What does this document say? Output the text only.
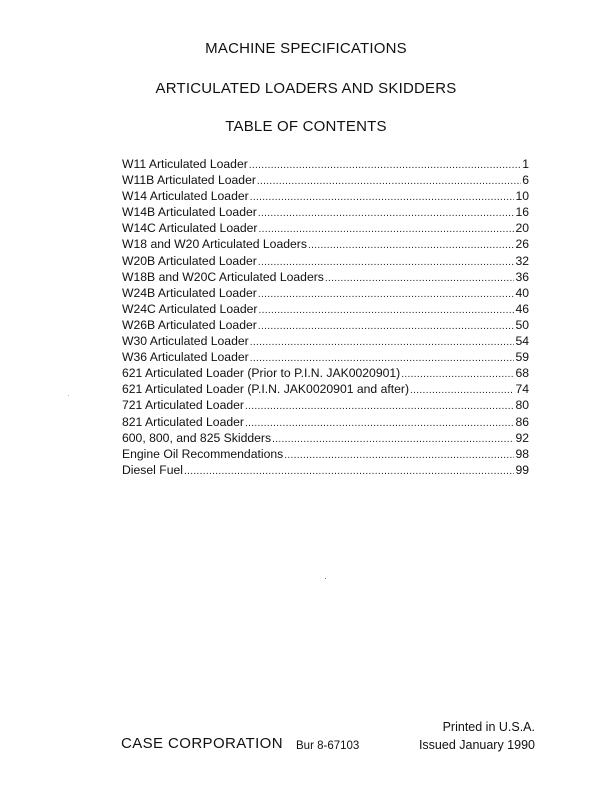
MACHINE SPECIFICATIONS
ARTICULATED LOADERS AND SKIDDERS
TABLE OF CONTENTS
W11 Articulated Loader .....	1
W11B Articulated Loader .....	6
W14 Articulated Loader .....	10
W14B Articulated Loader .....	16
W14C Articulated Loader .....	20
W18 and W20 Articulated Loaders .....	26
W20B Articulated Loader .....	32
W18B and W20C Articulated Loaders .....	36
W24B Articulated Loader .....	40
W24C Articulated Loader .....	46
W26B Articulated Loader .....	50
W30 Articulated Loader .....	54
W36 Articulated Loader .....	59
621 Articulated Loader (Prior to P.I.N. JAK0020901) .....	68
621 Articulated Loader (P.I.N. JAK0020901 and after) .....	74
721 Articulated Loader .....	80
821 Articulated Loader .....	86
600, 800, and 825 Skidders .....	92
Engine Oil Recommendations .....	98
Diesel Fuel .....	99
CASE CORPORATION Bur 8-67103
Printed in U.S.A.
Issued January 1990
